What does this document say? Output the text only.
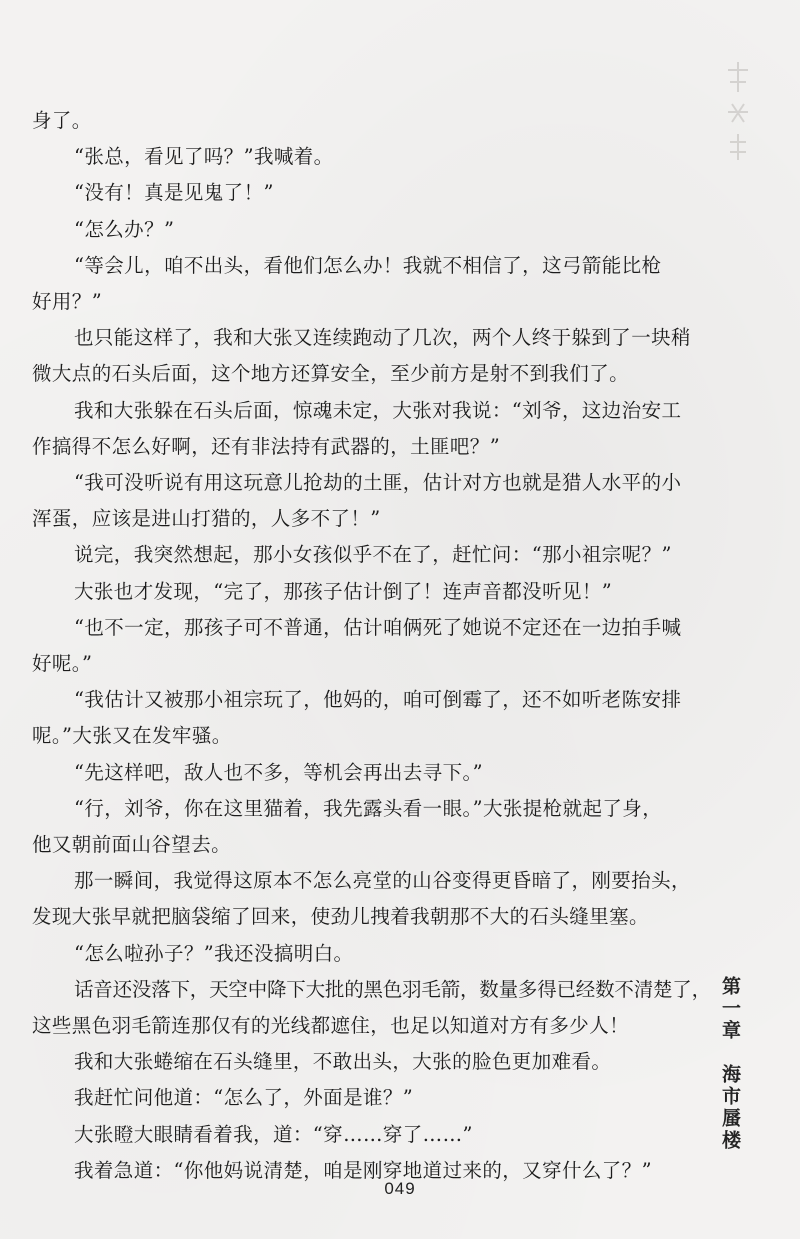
身了。

“张总，看见了吗？”我喊着。

“没有！真是见鬼了！”

“怎么办？”

“等会儿，咱不出头，看他们怎么办！我就不相信了，这弓箭能比枪

好用？”

也只能这样了，我和大张又连续跑动了几次，两个人终于躲到了一块稍

微大点的石头后面，这个地方还算安全，至少前方是射不到我们了。

我和大张躲在石头后面，惊魂未定，大张对我说：“刘爷，这边治安工

作搞得不怎么好啊，还有非法持有武器的，土匪吧？”

“我可没听说有用这玩意儿抢劫的土匪，估计对方也就是猎人水平的小

浑蛋，应该是进山打猎的，人多不了！”

说完，我突然想起，那小女孩似乎不在了，赶忙问：“那小祖宗呢？”

大张也才发现，“完了，那孩子估计倒了！连声音都没听见！”

“也不一定，那孩子可不普通，估计咱俩死了她说不定还在一边拍手喊

好呢。”

“我估计又被那小祖宗玩了，他妈的，咱可倒霉了，还不如听老陈安排

呢。”大张又在发牢骚。

“先这样吧，敌人也不多，等机会再出去寻下。”

“行，刘爷，你在这里猫着，我先露头看一眼。”大张提枪就起了身，

他又朝前面山谷望去。

那一瞬间，我觉得这原本不怎么亮堂的山谷变得更昏暗了，刚要抬头，

发现大张早就把脑袋缩了回来，使劲儿拽着我朝那不大的石头缝里塞。

“怎么啦孙子？”我还没搞明白。

话音还没落下，天空中降下大批的黑色羽毛箭，数量多得已经数不清楚了，

这些黑色羽毛箭连那仅有的光线都遮住，也足以知道对方有多少人！

我和大张蜷缩在石头缝里，不敢出头，大张的脸色更加难看。

我赶忙问他道：“怎么了，外面是谁？”

大张瞪大眼睛看着我，道：“穿……穿了……”

我着急道：“你他妈说清楚，咱是刚穿地道过来的，又穿什么了？”

第一章海市蜃楼
049
